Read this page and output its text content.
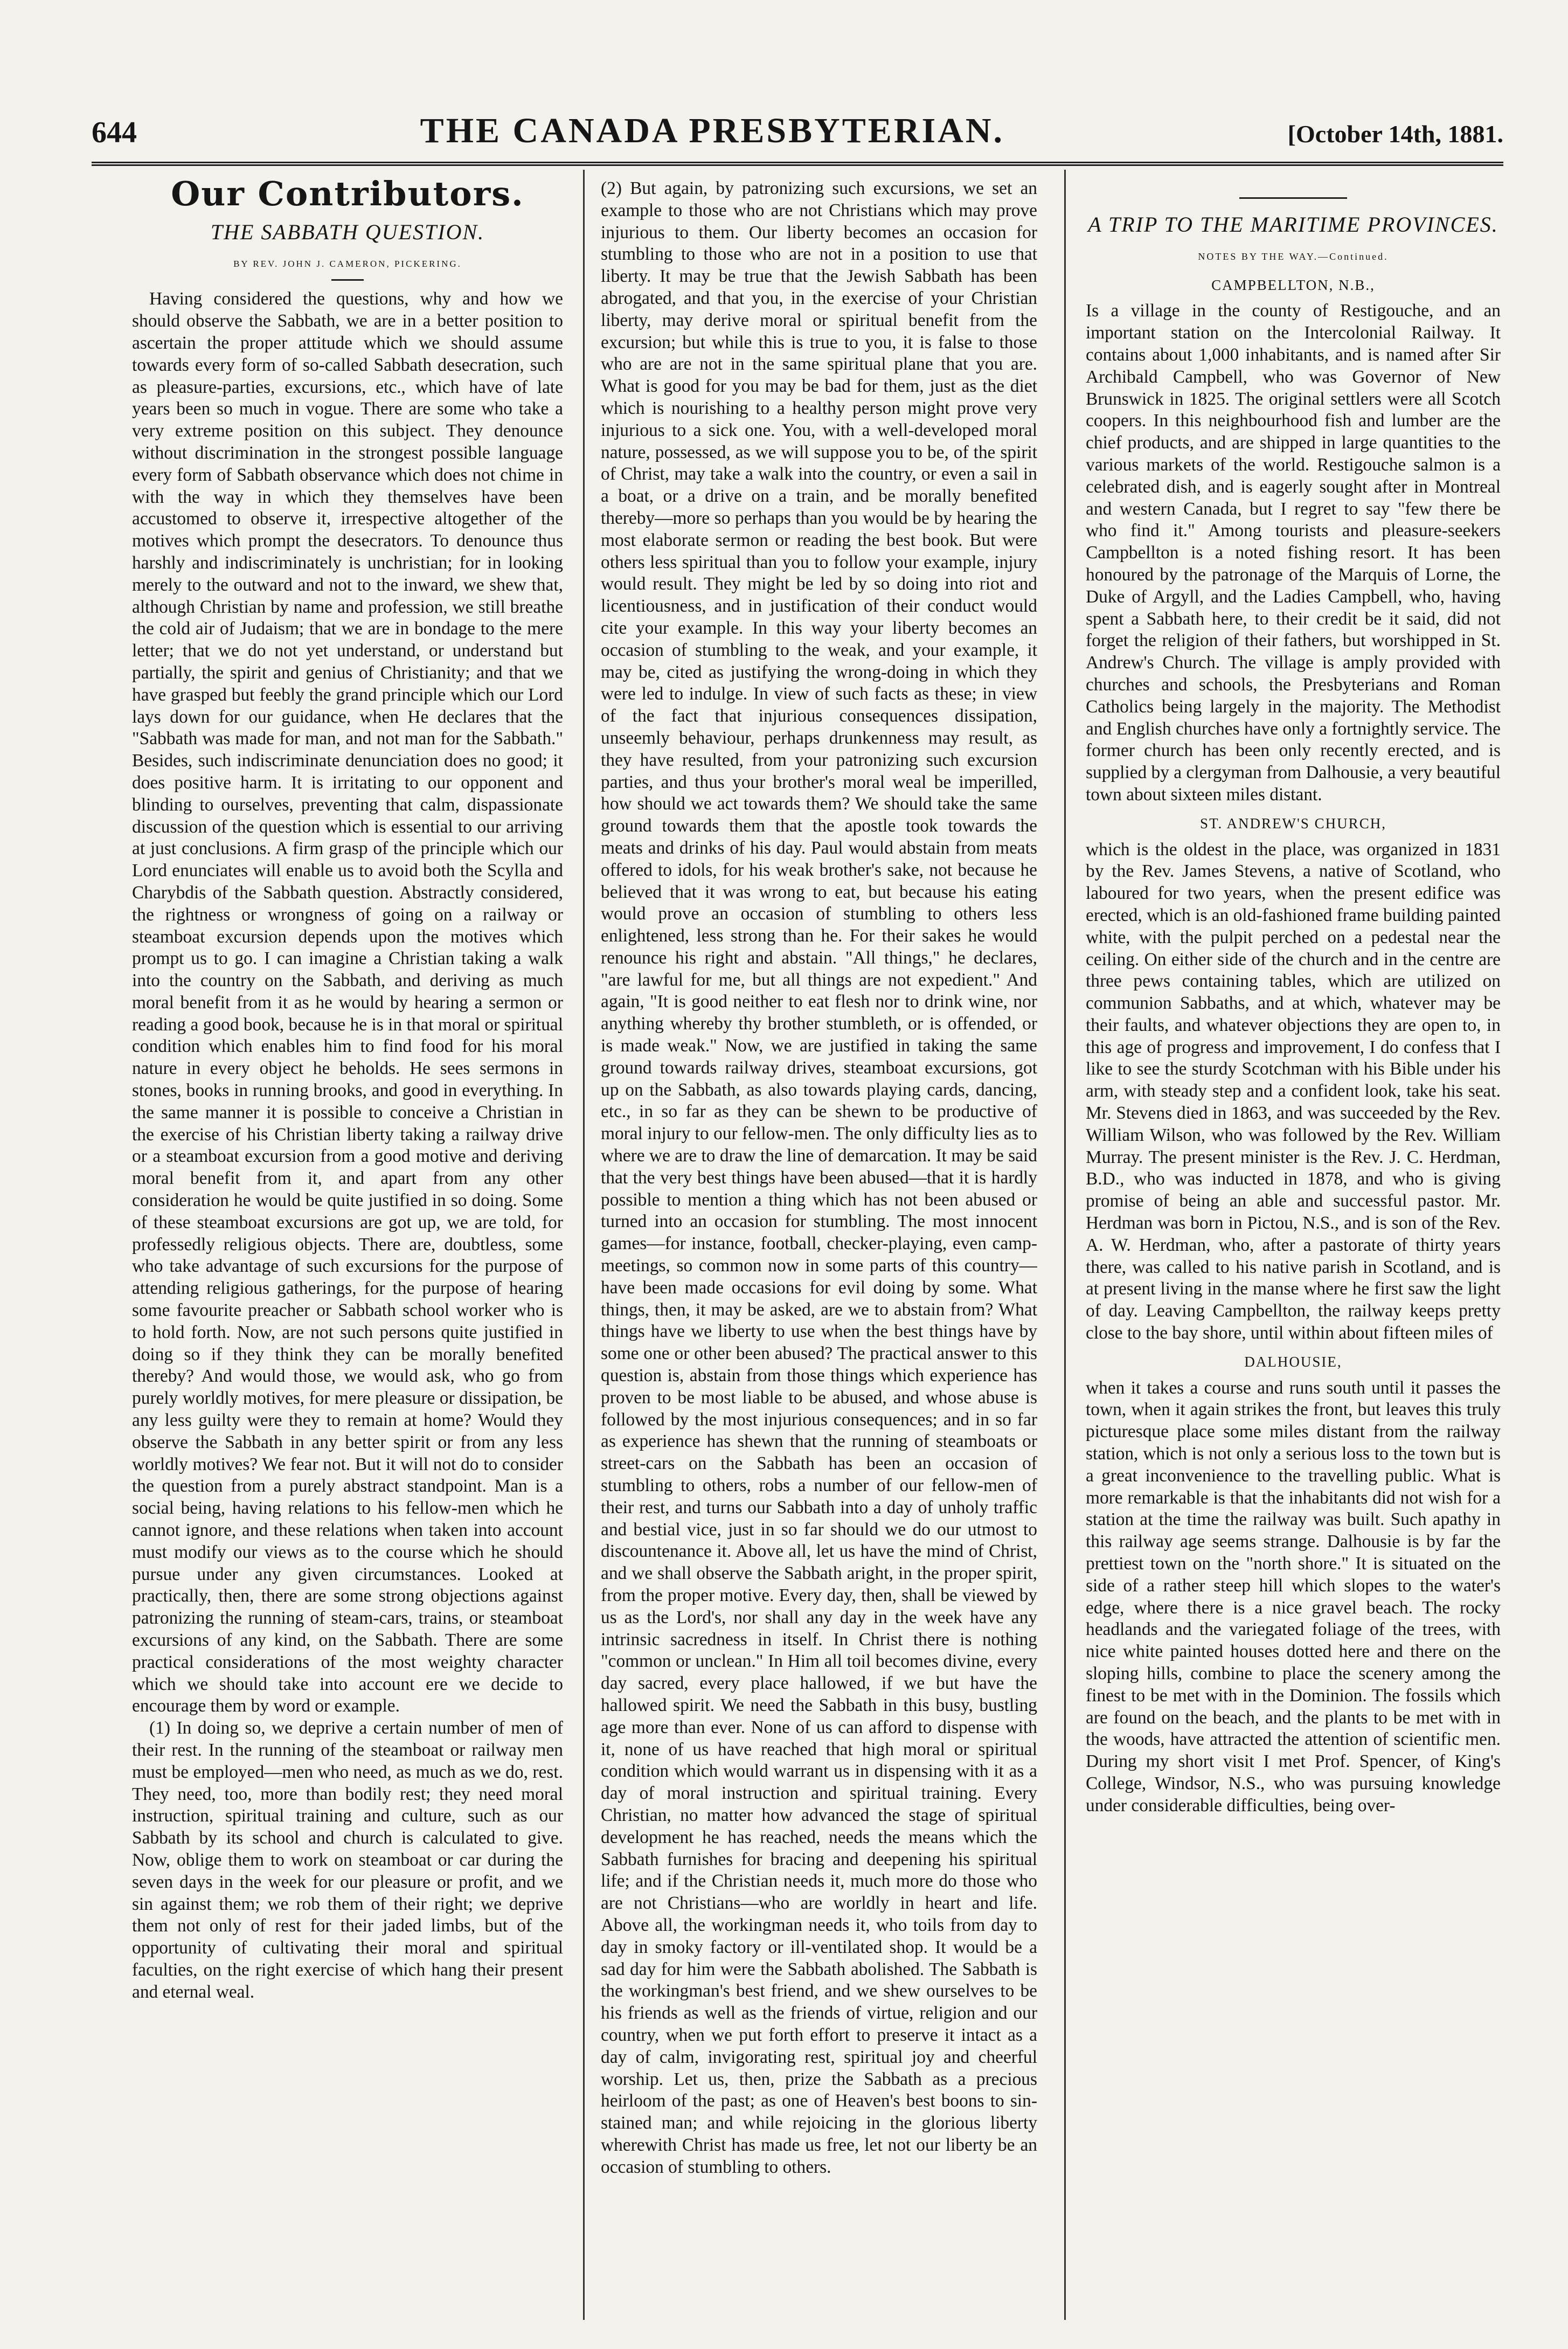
644	THE CANADA PRESBYTERIAN.	[October 14th, 1881.
Our Contributors.
THE SABBATH QUESTION.
BY REV. JOHN J. CAMERON, PICKERING.

Having considered the questions, why and how we should observe the Sabbath, we are in a better position to ascertain the proper attitude which we should assume towards every form of so-called Sabbath desecration, such as pleasure-parties, excursions, etc., which have of late years been so much in vogue. There are some who take a very extreme position on this subject. They denounce without discrimination in the strongest possible language every form of Sabbath observance which does not chime in with the way in which they themselves have been accustomed to observe it, irrespective altogether of the motives which prompt the desecrators. To denounce thus harshly and indiscriminately is unchristian; for in looking merely to the outward and not to the inward, we shew that, although Christian by name and profession, we still breathe the cold air of Judaism; that we are in bondage to the mere letter; that we do not yet understand, or understand but partially, the spirit and genius of Christianity; and that we have grasped but feebly the grand principle which our Lord lays down for our guidance, when He declares that the "Sabbath was made for man, and not man for the Sabbath." Besides, such indiscriminate denunciation does no good; it does positive harm. It is irritating to our opponent and blinding to ourselves, preventing that calm, dispassionate discussion of the question which is essential to our arriving at just conclusions. A firm grasp of the principle which our Lord enunciates will enable us to avoid both the Scylla and Charybdis of the Sabbath question. Abstractly considered, the rightness or wrongness of going on a railway or steamboat excursion depends upon the motives which prompt us to go. I can imagine a Christian taking a walk into the country on the Sabbath, and deriving as much moral benefit from it as he would by hearing a sermon or reading a good book, because he is in that moral or spiritual condition which enables him to find food for his moral nature in every object he beholds. He sees sermons in stones, books in running brooks, and good in everything. In the same manner it is possible to conceive a Christian in the exercise of his Christian liberty taking a railway drive or a steamboat excursion from a good motive and deriving moral benefit from it, and apart from any other consideration he would be quite justified in so doing. Some of these steamboat excursions are got up, we are told, for professedly religious objects. There are, doubtless, some who take advantage of such excursions for the purpose of attending religious gatherings, for the purpose of hearing some favourite preacher or Sabbath school worker who is to hold forth. Now, are not such persons quite justified in doing so if they think they can be morally benefited thereby? And would those, we would ask, who go from purely worldly motives, for mere pleasure or dissipation, be any less guilty were they to remain at home? Would they observe the Sabbath in any better spirit or from any less worldly motives? We fear not. But it will not do to consider the question from a purely abstract standpoint. Man is a social being, having relations to his fellow-men which he cannot ignore, and these relations when taken into account must modify our views as to the course which he should pursue under any given circumstances. Looked at practically, then, there are some strong objections against patronizing the running of steam-cars, trains, or steamboat excursions of any kind, on the Sabbath. There are some practical considerations of the most weighty character which we should take into account ere we decide to encourage them by word or example.

(1) In doing so, we deprive a certain number of men of their rest. In the running of the steamboat or railway men must be employed—men who need, as much as we do, rest. They need, too, more than bodily rest; they need moral instruction, spiritual training and culture, such as our Sabbath by its school and church is calculated to give. Now, oblige them to work on steamboat or car during the seven days in the week for our pleasure or profit, and we sin against them; we rob them of their right; we deprive them not only of rest for their jaded limbs, but of the opportunity of cultivating their moral and spiritual faculties, on the right exercise of which hang their present and eternal weal.

(2) But again, by patronizing such excursions, we set an example to those who are not Christians which may prove injurious to them. Our liberty becomes an occasion for stumbling to those who are not in a position to use that liberty. It may be true that the Jewish Sabbath has been abrogated, and that you, in the exercise of your Christian liberty, may derive moral or spiritual benefit from the excursion; but while this is true to you, it is false to those who are are not in the same spiritual plane that you are. What is good for you may be bad for them, just as the diet which is nourishing to a healthy person might prove very injurious to a sick one. You, with a well-developed moral nature, possessed, as we will suppose you to be, of the spirit of Christ, may take a walk into the country, or even a sail in a boat, or a drive on a train, and be morally benefited thereby—more so perhaps than you would be by hearing the most elaborate sermon or reading the best book. But were others less spiritual than you to follow your example, injury would result. They might be led by so doing into riot and licentiousness, and in justification of their conduct would cite your example. In this way your liberty becomes an occasion of stumbling to the weak, and your example, it may be, cited as justifying the wrong-doing in which they were led to indulge. In view of such facts as these; in view of the fact that injurious consequences dissipation, unseemly behaviour, perhaps drunkenness may result, as they have resulted, from your patronizing such excursion parties, and thus your brother's moral weal be imperilled, how should we act towards them? We should take the same ground towards them that the apostle took towards the meats and drinks of his day. Paul would abstain from meats offered to idols, for his weak brother's sake, not because he believed that it was wrong to eat, but because his eating would prove an occasion of stumbling to others less enlightened, less strong than he. For their sakes he would renounce his right and abstain. "All things," he declares, "are lawful for me, but all things are not expedient." And again, "It is good neither to eat flesh nor to drink wine, nor anything whereby thy brother stumbleth, or is offended, or is made weak." Now, we are justified in taking the same ground towards railway drives, steamboat excursions, got up on the Sabbath, as also towards playing cards, dancing, etc., in so far as they can be shewn to be productive of moral injury to our fellow-men. The only difficulty lies as to where we are to draw the line of demarcation. It may be said that the very best things have been abused—that it is hardly possible to mention a thing which has not been abused or turned into an occasion for stumbling. The most innocent games—for instance, football, checker-playing, even camp-meetings, so common now in some parts of this country—have been made occasions for evil doing by some. What things, then, it may be asked, are we to abstain from? What things have we liberty to use when the best things have by some one or other been abused? The practical answer to this question is, abstain from those things which experience has proven to be most liable to be abused, and whose abuse is followed by the most injurious consequences; and in so far as experience has shewn that the running of steamboats or street-cars on the Sabbath has been an occasion of stumbling to others, robs a number of our fellow-men of their rest, and turns our Sabbath into a day of unholy traffic and bestial vice, just in so far should we do our utmost to discountenance it. Above all, let us have the mind of Christ, and we shall observe the Sabbath aright, in the proper spirit, from the proper motive. Every day, then, shall be viewed by us as the Lord's, nor shall any day in the week have any intrinsic sacredness in itself. In Christ there is nothing "common or unclean." In Him all toil becomes divine, every day sacred, every place hallowed, if we but have the hallowed spirit. We need the Sabbath in this busy, bustling age more than ever. None of us can afford to dispense with it, none of us have reached that high moral or spiritual condition which would warrant us in dispensing with it as a day of moral instruction and spiritual training. Every Christian, no matter how advanced the stage of spiritual development he has reached, needs the means which the Sabbath furnishes for bracing and deepening his spiritual life; and if the Christian needs it, much more do those who are not Christians—who are worldly in heart and life. Above all, the workingman needs it, who toils from day to day in smoky factory or ill-ventilated shop. It would be a sad day for him were the Sabbath abolished. The Sabbath is the workingman's best friend, and we shew ourselves to be his friends as well as the friends of virtue, religion and our country, when we put forth effort to preserve it intact as a day of calm, invigorating rest, spiritual joy and cheerful worship. Let us, then, prize the Sabbath as a precious heirloom of the past; as one of Heaven's best boons to sin-stained man; and while rejoicing in the glorious liberty wherewith Christ has made us free, let not our liberty be an occasion of stumbling to others.

A TRIP TO THE MARITIME PROVINCES.
NOTES BY THE WAY.—Continued.
CAMPBELLTON, N.B.,

Is a village in the county of Restigouche, and an important station on the Intercolonial Railway. It contains about 1,000 inhabitants, and is named after Sir Archibald Campbell, who was Governor of New Brunswick in 1825. The original settlers were all Scotch coopers. In this neighbourhood fish and lumber are the chief products, and are shipped in large quantities to the various markets of the world. Restigouche salmon is a celebrated dish, and is eagerly sought after in Montreal and western Canada, but I regret to say "few there be who find it." Among tourists and pleasure-seekers Campbellton is a noted fishing resort. It has been honoured by the patronage of the Marquis of Lorne, the Duke of Argyll, and the Ladies Campbell, who, having spent a Sabbath here, to their credit be it said, did not forget the religion of their fathers, but worshipped in St. Andrew's Church. The village is amply provided with churches and schools, the Presbyterians and Roman Catholics being largely in the majority. The Methodist and English churches have only a fortnightly service. The former church has been only recently erected, and is supplied by a clergyman from Dalhousie, a very beautiful town about sixteen miles distant.

ST. ANDREW'S CHURCH,

which is the oldest in the place, was organized in 1831 by the Rev. James Stevens, a native of Scotland, who laboured for two years, when the present edifice was erected, which is an old-fashioned frame building painted white, with the pulpit perched on a pedestal near the ceiling. On either side of the church and in the centre are three pews containing tables, which are utilized on communion Sabbaths, and at which, whatever may be their faults, and whatever objections they are open to, in this age of progress and improvement, I do confess that I like to see the sturdy Scotchman with his Bible under his arm, with steady step and a confident look, take his seat. Mr. Stevens died in 1863, and was succeeded by the Rev. William Wilson, who was followed by the Rev. William Murray. The present minister is the Rev. J. C. Herdman, B.D., who was inducted in 1878, and who is giving promise of being an able and successful pastor. Mr. Herdman was born in Pictou, N.S., and is son of the Rev. A. W. Herdman, who, after a pastorate of thirty years there, was called to his native parish in Scotland, and is at present living in the manse where he first saw the light of day. Leaving Campbellton, the railway keeps pretty close to the bay shore, until within about fifteen miles of

DALHOUSIE,

when it takes a course and runs south until it passes the town, when it again strikes the front, but leaves this truly picturesque place some miles distant from the railway station, which is not only a serious loss to the town but is a great inconvenience to the travelling public. What is more remarkable is that the inhabitants did not wish for a station at the time the railway was built. Such apathy in this railway age seems strange. Dalhousie is by far the prettiest town on the "north shore." It is situated on the side of a rather steep hill which slopes to the water's edge, where there is a nice gravel beach. The rocky headlands and the variegated foliage of the trees, with nice white painted houses dotted here and there on the sloping hills, combine to place the scenery among the finest to be met with in the Dominion. The fossils which are found on the beach, and the plants to be met with in the woods, have attracted the attention of scientific men. During my short visit I met Prof. Spencer, of King's College, Windsor, N.S., who was pursuing knowledge under considerable difficulties, being over-
